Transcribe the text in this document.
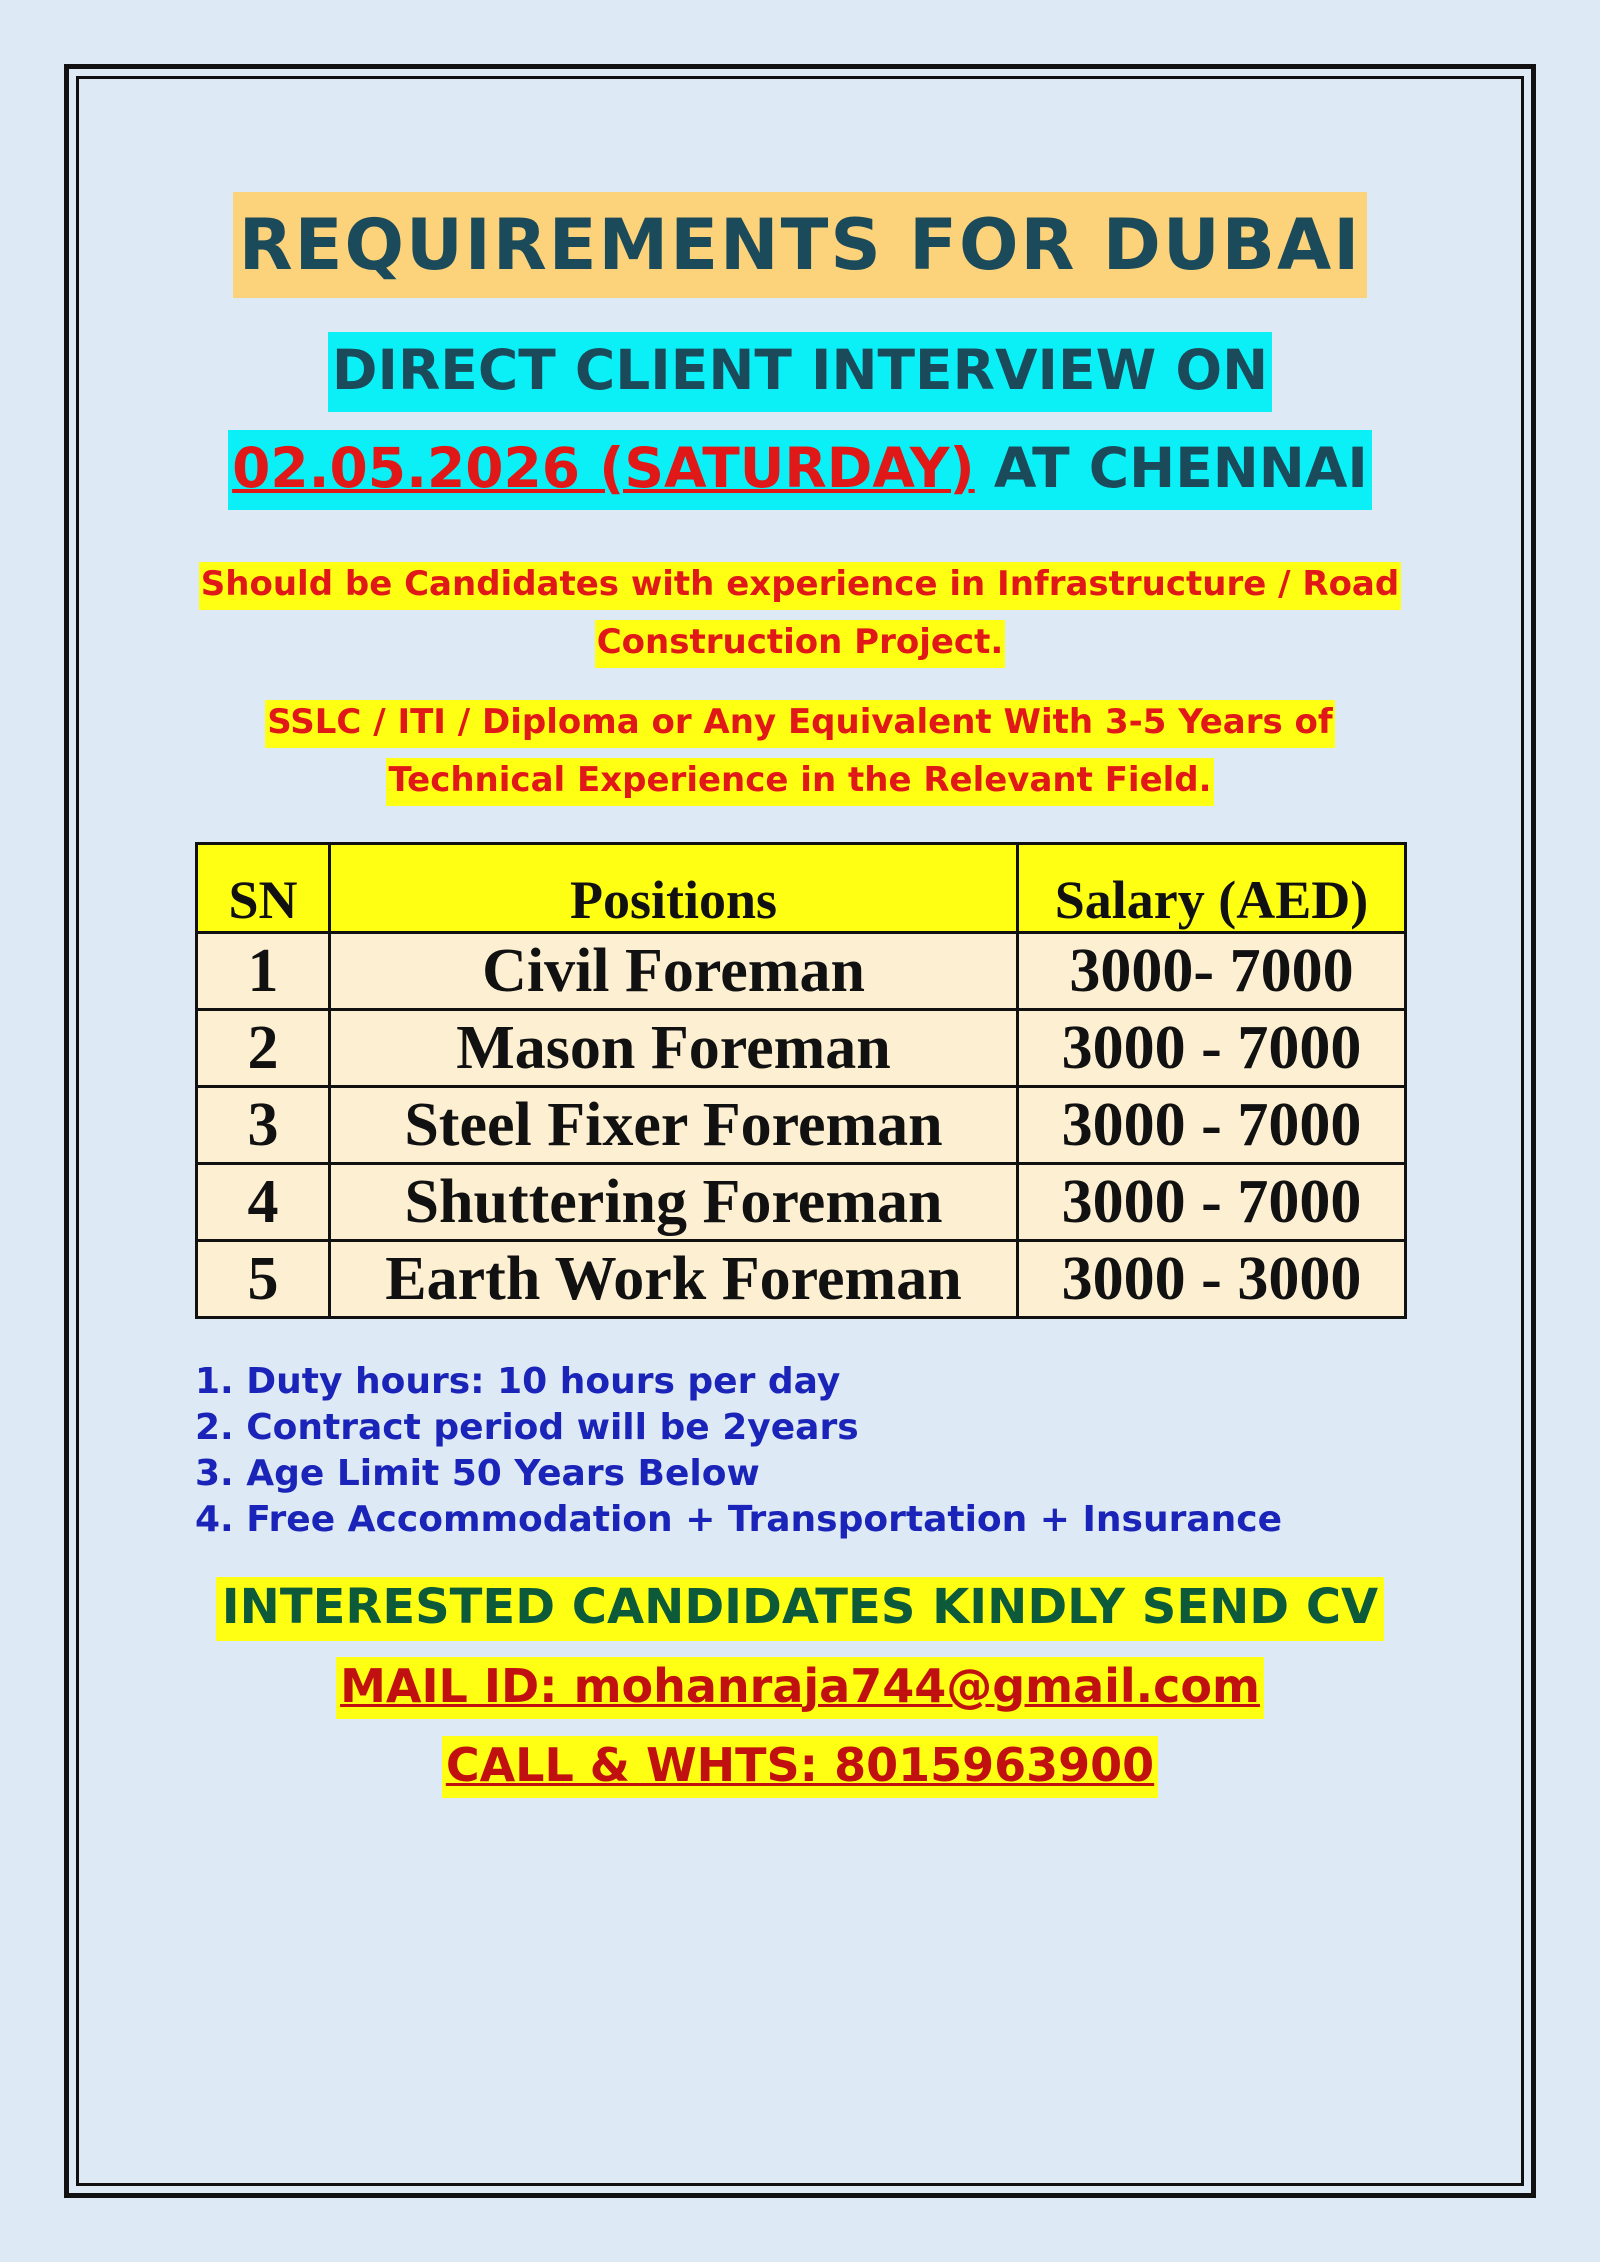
REQUIREMENTS FOR DUBAI
DIRECT CLIENT INTERVIEW ON
02.05.2026 (SATURDAY) AT CHENNAI
Should be Candidates with experience in Infrastructure / Road
Construction Project.
SSLC / ITI / Diploma or Any Equivalent With 3-5 Years of
Technical Experience in the Relevant Field.
SN	Positions	Salary (AED)
1	Civil Foreman	3000- 7000
2	Mason Foreman	3000 - 7000
3	Steel Fixer Foreman	3000 - 7000
4	Shuttering Foreman	3000 - 7000
5	Earth Work Foreman	3000 - 3000
1. Duty hours: 10 hours per day
2. Contract period will be 2years
3. Age Limit 50 Years Below
4. Free Accommodation + Transportation + Insurance
INTERESTED CANDIDATES KINDLY SEND CV
MAIL ID: mohanraja744@gmail.com
CALL & WHTS: 8015963900
